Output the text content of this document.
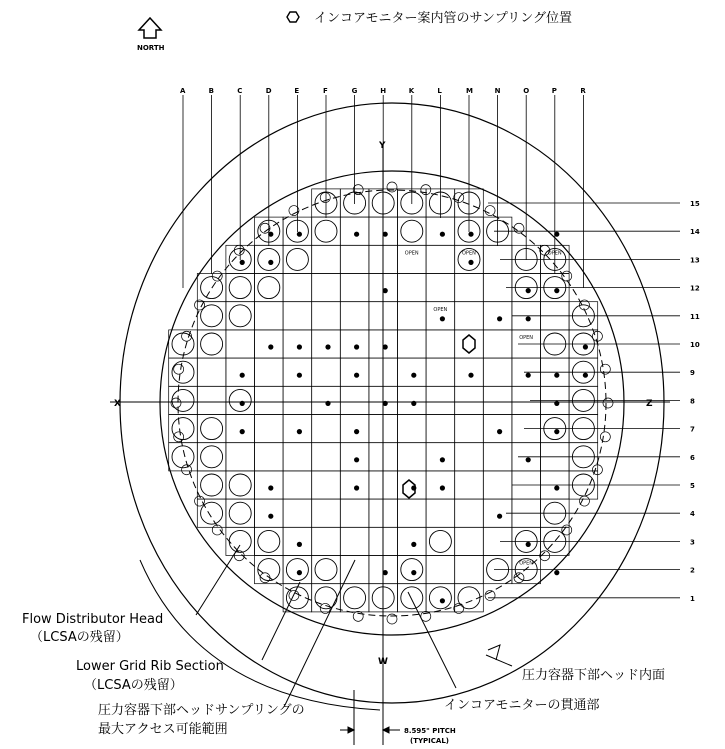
インコアモニター案内管のサンプリング位置
NORTH
A	B	C	D	E	F	G	H	K	L	M	N	O	P	R
15
14
13
12
11
10
9
8
7
6
5
4
3
2
1
OPEN	OPEN
OPEN
OPEN
OPEN
OPEN
Y
W
X	Z
8.595" PITCH
(TYPICAL)
Flow Distributor Head
（LCSAの残留）
Lower Grid Rib Section
（LCSAの残留）
圧力容器下部ヘッドサンプリングの
最大アクセス可能範囲
インコアモニターの貫通部
圧力容器下部ヘッド内面
